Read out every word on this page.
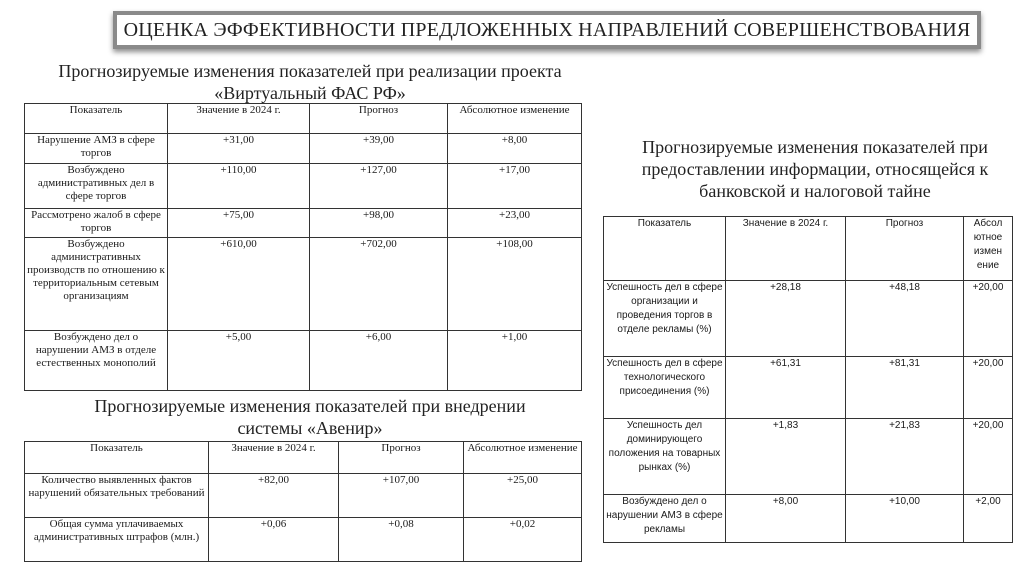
ОЦЕНКА ЭФФЕКТИВНОСТИ ПРЕДЛОЖЕННЫХ НАПРАВЛЕНИЙ СОВЕРШЕНСТВОВАНИЯ
Прогнозируемые изменения показателей при реализации проекта
«Виртуальный ФАС РФ»
Показатель	Значение в 2024 г.	Прогноз	Абсолютное изменение
Нарушение АМЗ в сфере торгов	+31,00	+39,00	+8,00
Возбуждено административных дел в сфере торгов	+110,00	+127,00	+17,00
Рассмотрено жалоб в сфере торгов	+75,00	+98,00	+23,00
Возбуждено административных производств по отношению к территориальным сетевым организациям	+610,00	+702,00	+108,00
Возбуждено дел о нарушении АМЗ в отделе естественных монополий	+5,00	+6,00	+1,00
Прогнозируемые изменения показателей при внедрении
системы «Авенир»
Показатель	Значение в 2024 г.	Прогноз	Абсолютное изменение
Количество выявленных фактов нарушений обязательных требований	+82,00	+107,00	+25,00
Общая сумма уплачиваемых административных штрафов (млн.)	+0,06	+0,08	+0,02
Прогнозируемые изменения показателей при
предоставлении информации, относящейся к
банковской и налоговой тайне
Показатель	Значение в 2024 г.	Прогноз	Абсол ютное измен ение
Успешность дел в сфере организации и проведения торгов в отделе рекламы (%)	+28,18	+48,18	+20,00
Успешность дел в сфере технологического присоединения (%)	+61,31	+81,31	+20,00
Успешность дел доминирующего положения на товарных рынках (%)	+1,83	+21,83	+20,00
Возбуждено дел о нарушении АМЗ в сфере рекламы	+8,00	+10,00	+2,00
